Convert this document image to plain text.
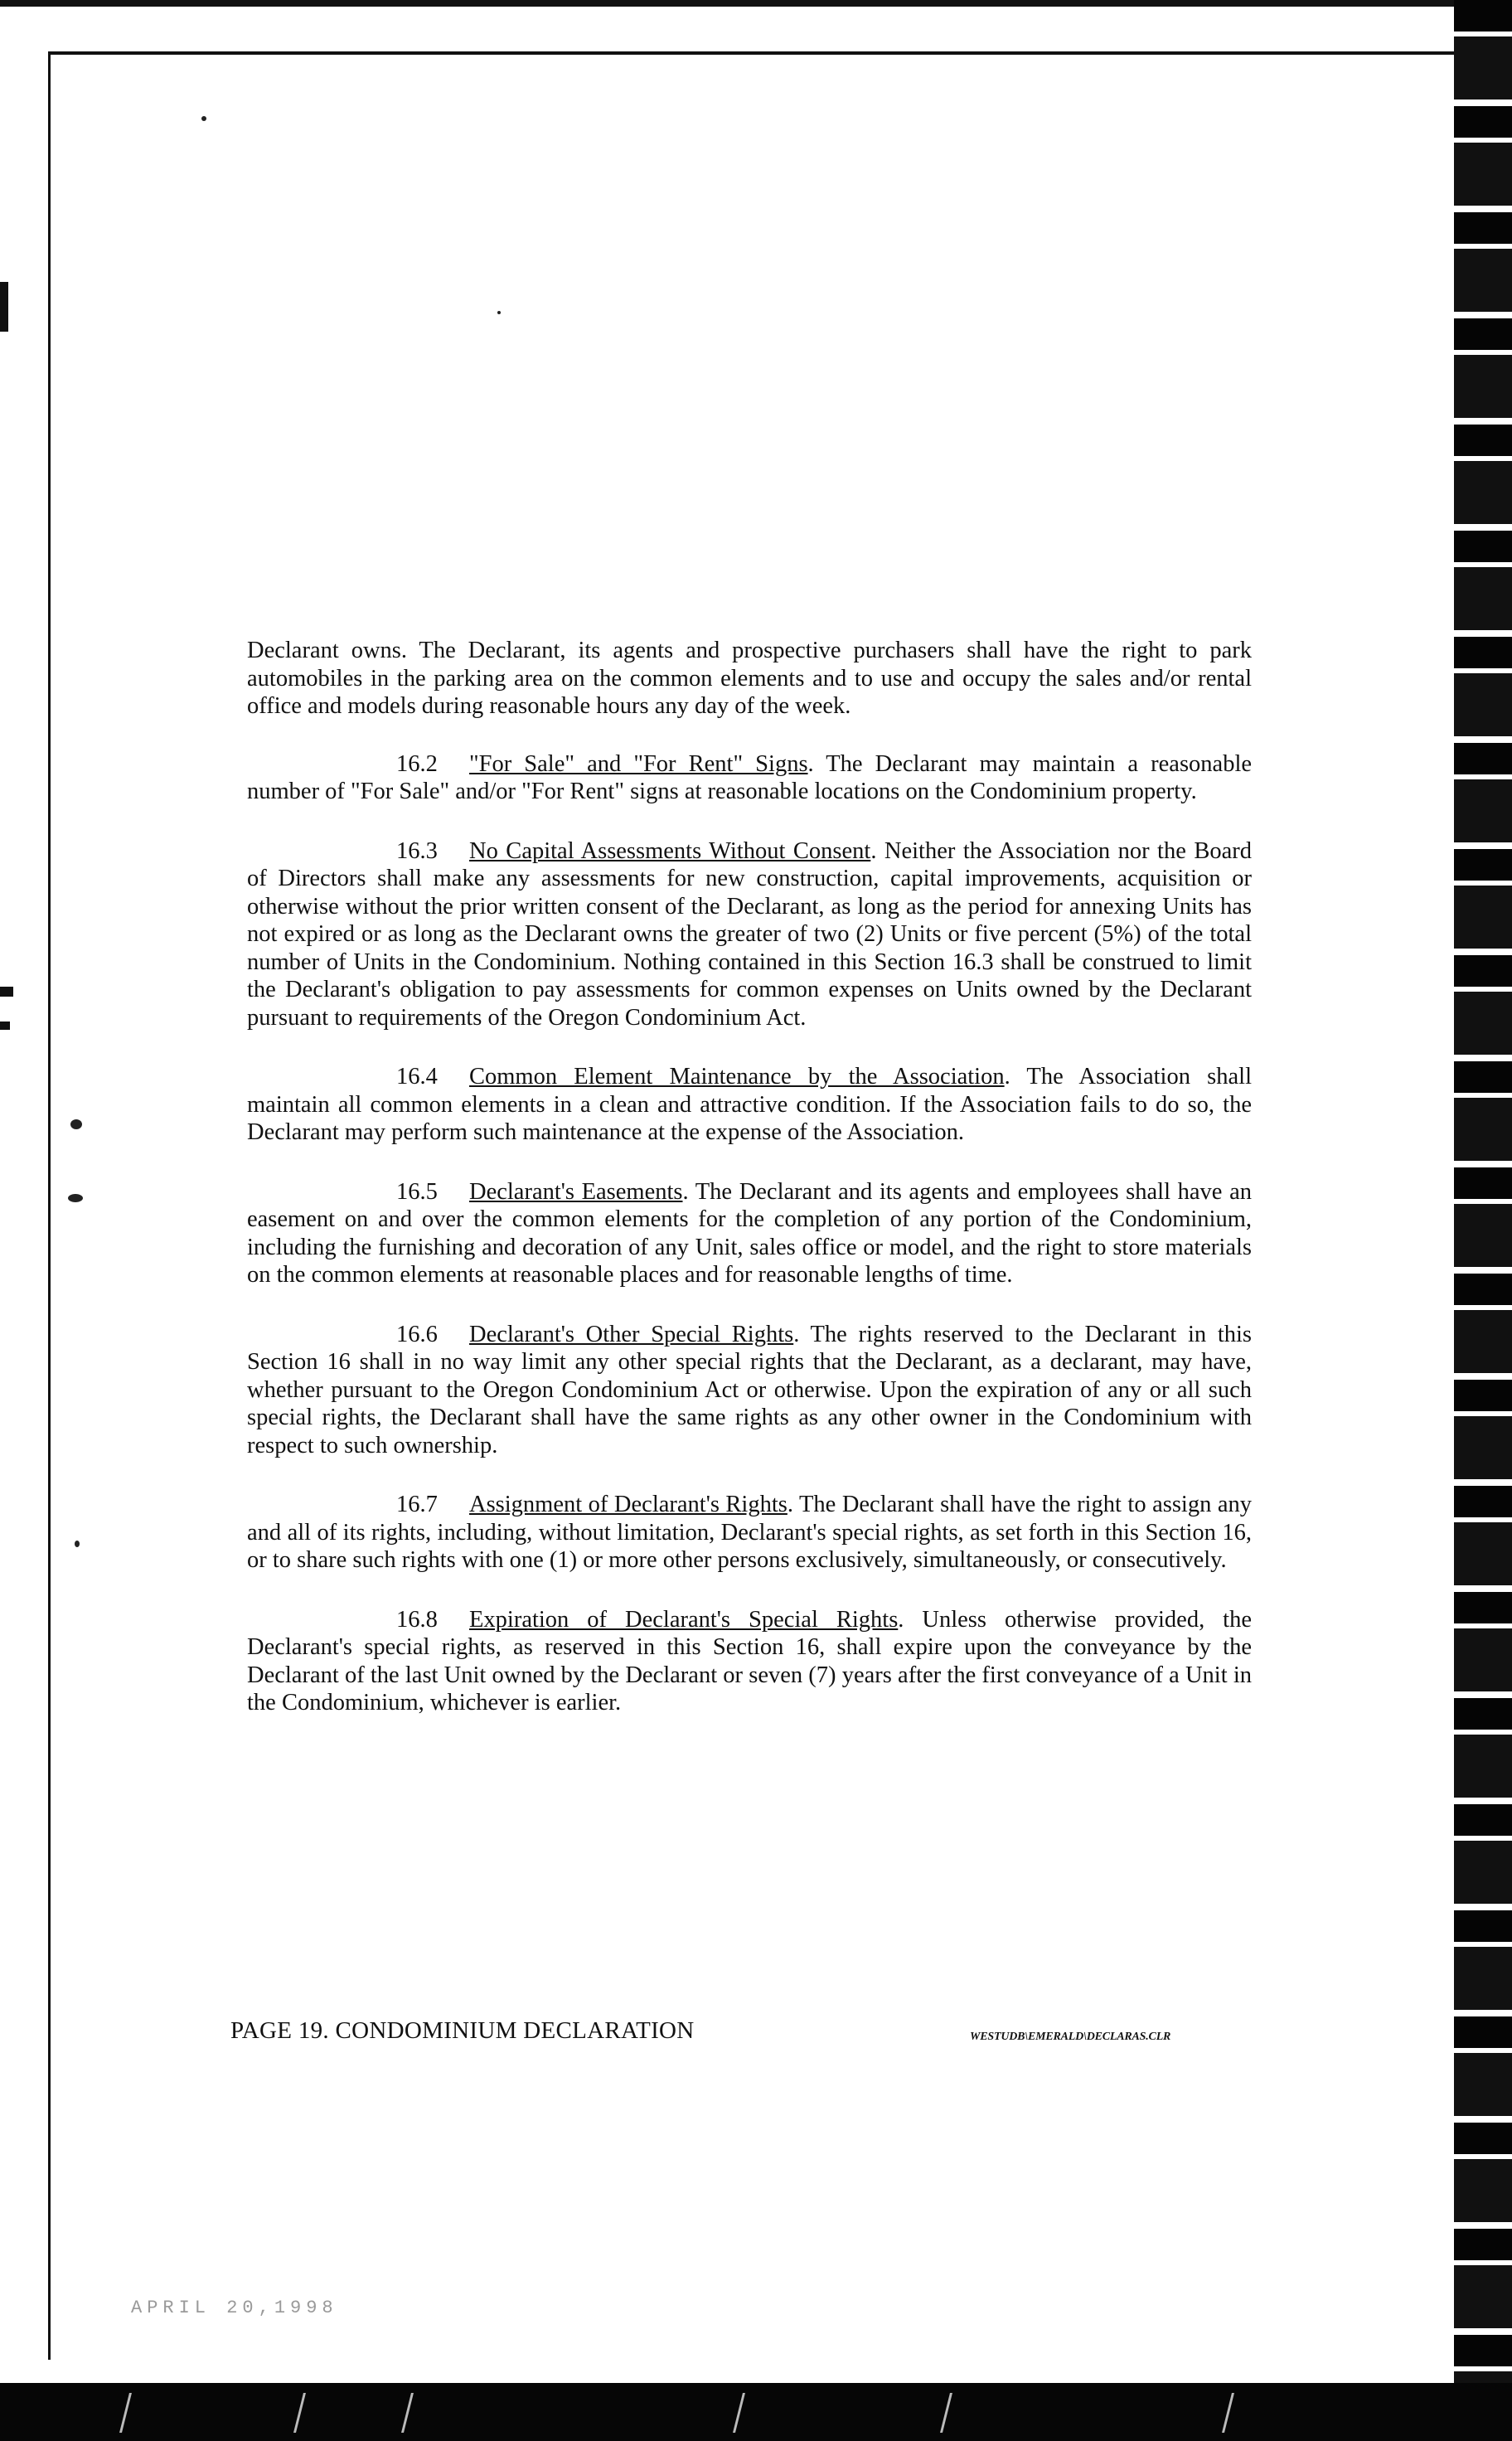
Declarant owns. The Declarant, its agents and prospective purchasers shall have the right to park automobiles in the parking area on the common elements and to use and occupy the sales and/or rental office and models during reasonable hours any day of the week.

16.2 "For Sale" and "For Rent" Signs. The Declarant may maintain a reasonable number of "For Sale" and/or "For Rent" signs at reasonable locations on the Condominium property.

16.3 No Capital Assessments Without Consent. Neither the Association nor the Board of Directors shall make any assessments for new construction, capital improvements, acquisition or otherwise without the prior written consent of the Declarant, as long as the period for annexing Units has not expired or as long as the Declarant owns the greater of two (2) Units or five percent (5%) of the total number of Units in the Condominium. Nothing contained in this Section 16.3 shall be construed to limit the Declarant's obligation to pay assessments for common expenses on Units owned by the Declarant pursuant to requirements of the Oregon Condominium Act.

16.4 Common Element Maintenance by the Association. The Association shall maintain all common elements in a clean and attractive condition. If the Association fails to do so, the Declarant may perform such maintenance at the expense of the Association.

16.5 Declarant's Easements. The Declarant and its agents and employees shall have an easement on and over the common elements for the completion of any portion of the Condominium, including the furnishing and decoration of any Unit, sales office or model, and the right to store materials on the common elements at reasonable places and for reasonable lengths of time.

16.6 Declarant's Other Special Rights. The rights reserved to the Declarant in this Section 16 shall in no way limit any other special rights that the Declarant, as a declarant, may have, whether pursuant to the Oregon Condominium Act or otherwise. Upon the expiration of any or all such special rights, the Declarant shall have the same rights as any other owner in the Condominium with respect to such ownership.

16.7 Assignment of Declarant's Rights. The Declarant shall have the right to assign any and all of its rights, including, without limitation, Declarant's special rights, as set forth in this Section 16, or to share such rights with one (1) or more other persons exclusively, simultaneously, or consecutively.

16.8 Expiration of Declarant's Special Rights. Unless otherwise provided, the Declarant's special rights, as reserved in this Section 16, shall expire upon the conveyance by the Declarant of the last Unit owned by the Declarant or seven (7) years after the first conveyance of a Unit in the Condominium, whichever is earlier.

PAGE 19. CONDOMINIUM DECLARATION	WESTUDB\EMERALD\DECLARAS.CLR
APRIL 20,1998
